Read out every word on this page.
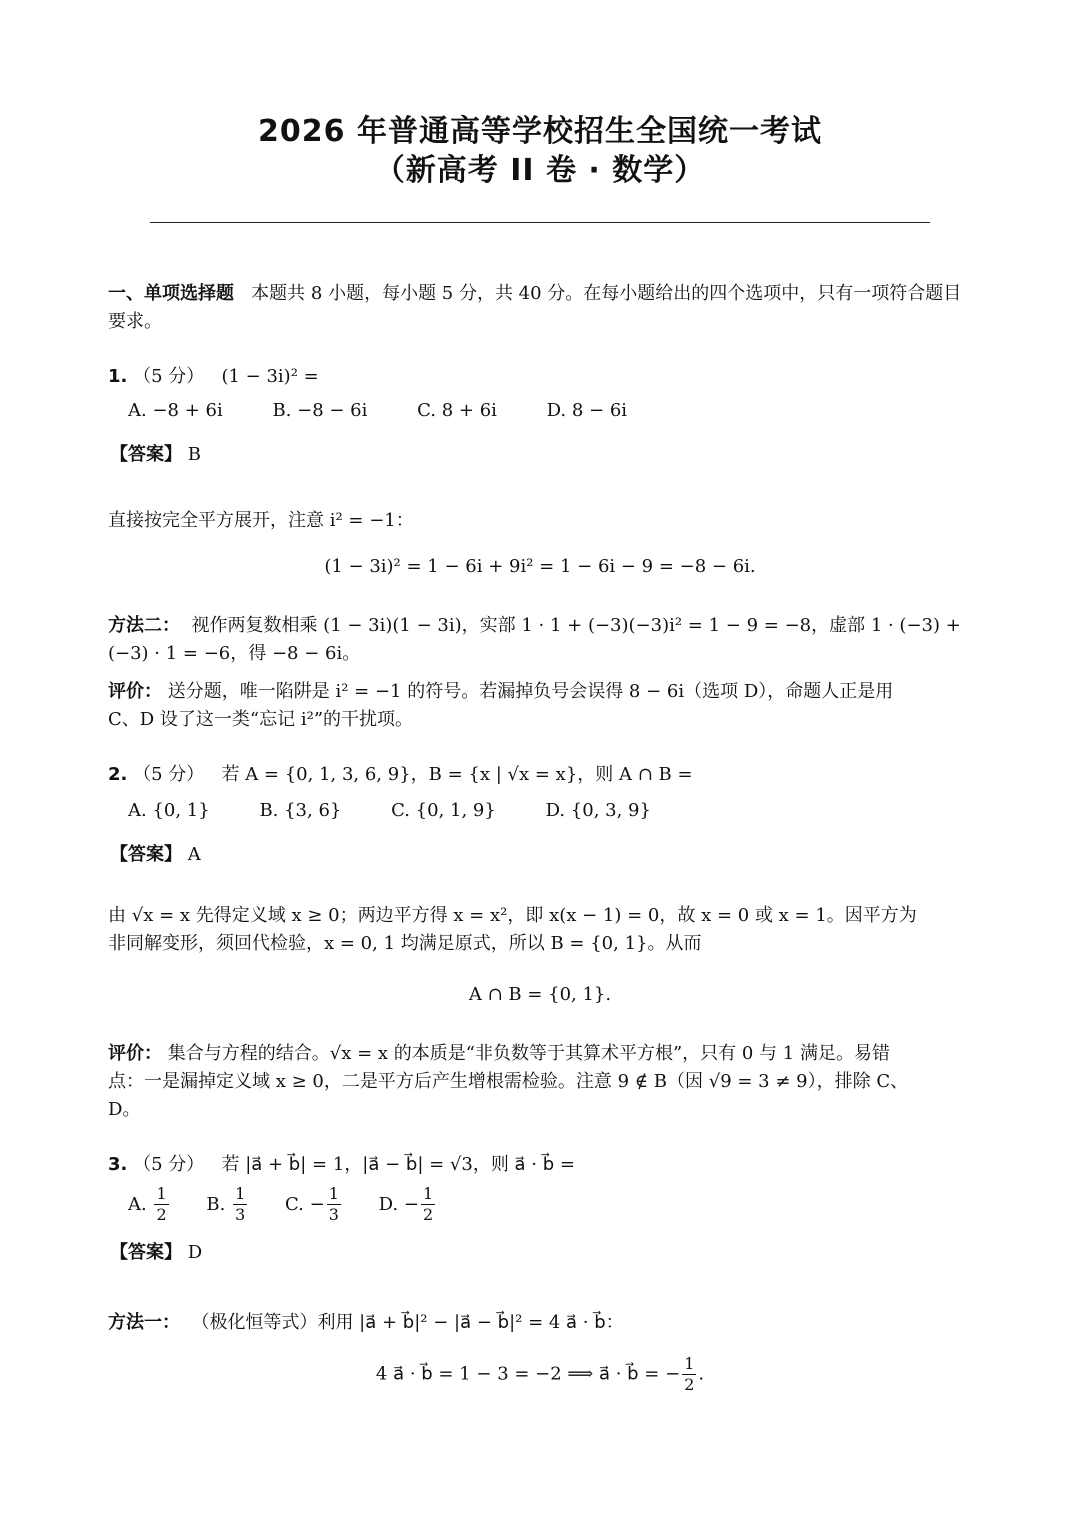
2026 年普通高等学校招生全国统一考试
（新高考 II 卷 · 数学）
一、单项选择题 本题共 8 小题，每小题 5 分，共 40 分。在每小题给出的四个选项中，只有一项符合题目
要求。
1. （5 分） (1 − 3i)² =
A. −8 + 6i	B. −8 − 6i	C. 8 + 6i	D. 8 − 6i
【答案】 B
直接按完全平方展开，注意 i² = −1：
(1 − 3i)² = 1 − 6i + 9i² = 1 − 6i − 9 = −8 − 6i.
方法二： 视作两复数相乘 (1 − 3i)(1 − 3i)，实部 1 · 1 + (−3)(−3)i² = 1 − 9 = −8，虚部 1 · (−3) +
(−3) · 1 = −6，得 −8 − 6i。
评价： 送分题，唯一陷阱是 i² = −1 的符号。若漏掉负号会误得 8 − 6i（选项 D），命题人正是用
C、D 设了这一类“忘记 i²”的干扰项。
2. （5 分） 若 A = {0, 1, 3, 6, 9}，B = {x | √x = x}，则 A ∩ B =
A. {0, 1}	B. {3, 6}	C. {0, 1, 9}	D. {0, 3, 9}
【答案】 A
由 √x = x 先得定义域 x ≥ 0；两边平方得 x = x²，即 x(x − 1) = 0，故 x = 0 或 x = 1。因平方为
非同解变形，须回代检验，x = 0, 1 均满足原式，所以 B = {0, 1}。从而
A ∩ B = {0, 1}.
评价： 集合与方程的结合。√x = x 的本质是“非负数等于其算术平方根”，只有 0 与 1 满足。易错
点：一是漏掉定义域 x ≥ 0，二是平方后产生增根需检验。注意 9 ∉ B（因 √9 = 3 ≠ 9），排除 C、
D。
3. （5 分） 若 |a⃗ + b⃗| = 1，|a⃗ − b⃗| = √3，则 a⃗ · b⃗ =
A. $\frac{1}{2} B$. $\frac{1}{3} C$. − $\frac{1}{3} D$. − $\frac{1}{2}$
【答案】 D
方法一： （极化恒等式）利用 |a⃗ + b⃗|² − |a⃗ − b⃗|² = 4 a⃗ · b⃗：
4 a⃗ · b⃗ = 1 − 3 = −2 ⟹ a⃗ · b⃗ = − $\frac{1}{2}$ .
